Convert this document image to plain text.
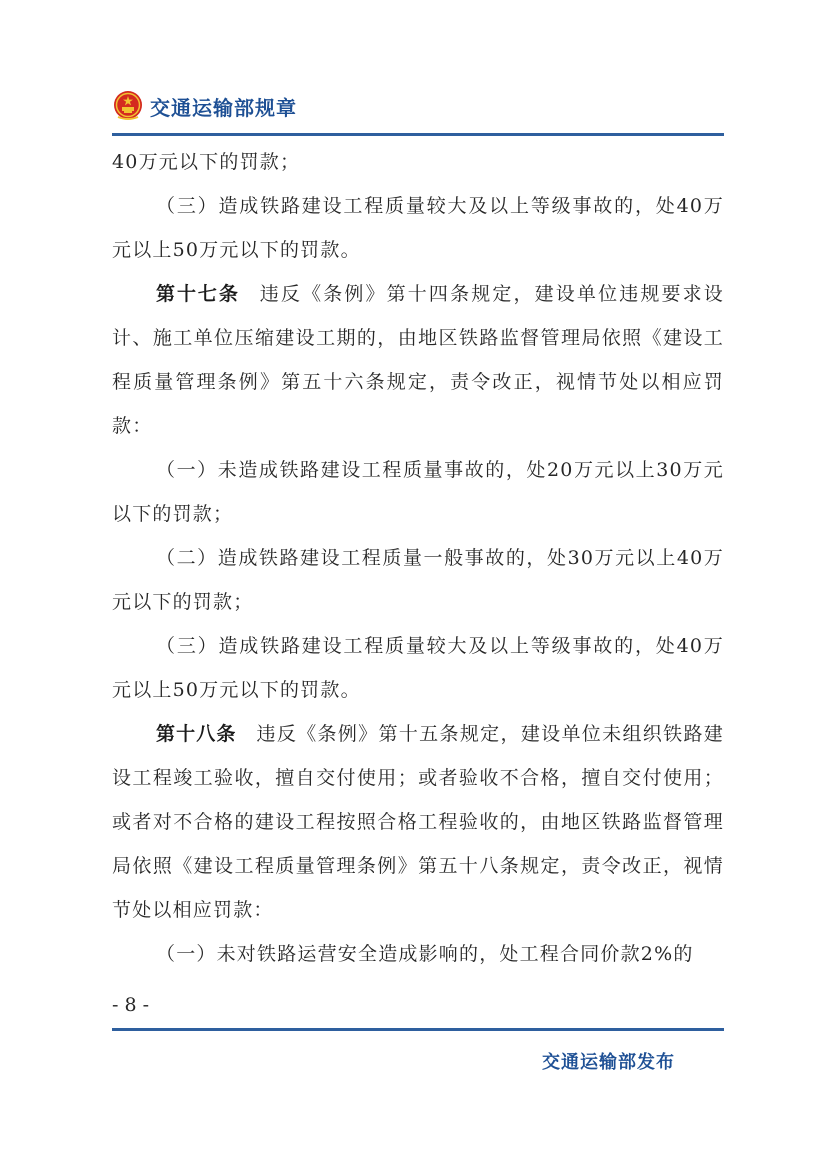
交通运输部规章

40万元以下的罚款；

（三）造成铁路建设工程质量较大及以上等级事故的，处40万元以上50万元以下的罚款。

第十七条 违反《条例》第十四条规定，建设单位违规要求设计、施工单位压缩建设工期的，由地区铁路监督管理局依照《建设工程质量管理条例》第五十六条规定，责令改正，视情节处以相应罚款：

（一）未造成铁路建设工程质量事故的，处20万元以上30万元以下的罚款；

（二）造成铁路建设工程质量一般事故的，处30万元以上40万元以下的罚款；

（三）造成铁路建设工程质量较大及以上等级事故的，处40万元以上50万元以下的罚款。

第十八条 违反《条例》第十五条规定，建设单位未组织铁路建设工程竣工验收，擅自交付使用；或者验收不合格，擅自交付使用；或者对不合格的建设工程按照合格工程验收的，由地区铁路监督管理局依照《建设工程质量管理条例》第五十八条规定，责令改正，视情节处以相应罚款：

（一）未对铁路运营安全造成影响的，处工程合同价款2%的

- 8 -
交通运输部发布
